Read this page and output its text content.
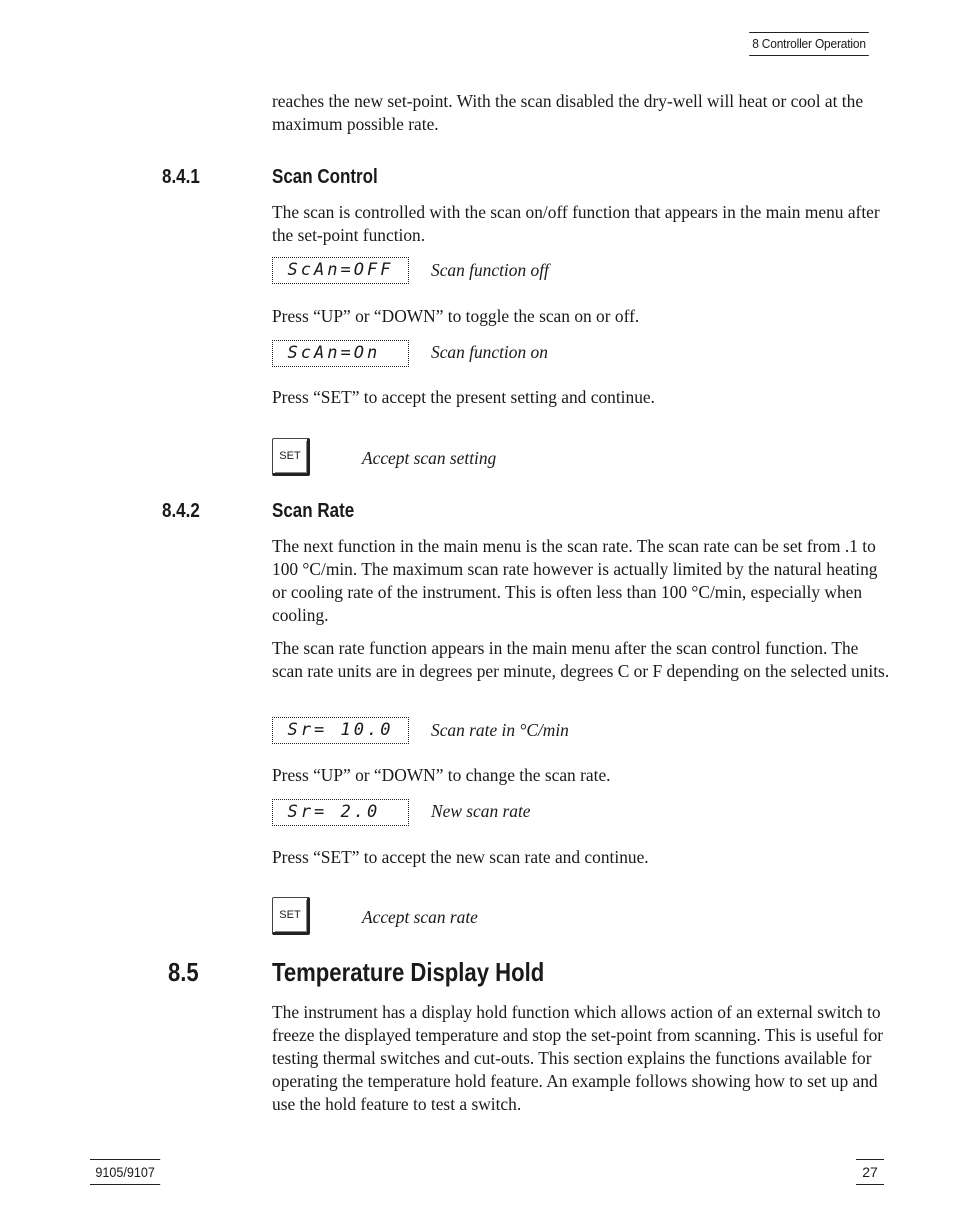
8 Controller Operation

reaches the new set-point. With the scan disabled the dry-well will heat or cool at the maximum possible rate.

8.4.1	Scan Control

The scan is controlled with the scan on/off function that appears in the main menu after the set-point function.

ScAn=OFF	Scan function off

Press “UP” or “DOWN” to toggle the scan on or off.

ScAn=On	Scan function on

Press “SET” to accept the present setting and continue.

SET	Accept scan setting
8.4.2	Scan Rate

The next function in the main menu is the scan rate. The scan rate can be set from .1 to 100 °C/min. The maximum scan rate however is actually limited by the natural heating or cooling rate of the instrument. This is often less than 100 °C/min, especially when cooling.

The scan rate function appears in the main menu after the scan control function. The scan rate units are in degrees per minute, degrees C or F depending on the selected units.

Sr= 10.0	Scan rate in °C/min

Press “UP” or “DOWN” to change the scan rate.

Sr= 2.0	New scan rate

Press “SET” to accept the new scan rate and continue.

SET	Accept scan rate
8.5	Temperature Display Hold

The instrument has a display hold function which allows action of an external switch to freeze the displayed temperature and stop the set-point from scanning. This is useful for testing thermal switches and cut-outs. This section explains the functions available for operating the temperature hold feature. An example follows showing how to set up and use the hold feature to test a switch.

9105/9107	27
